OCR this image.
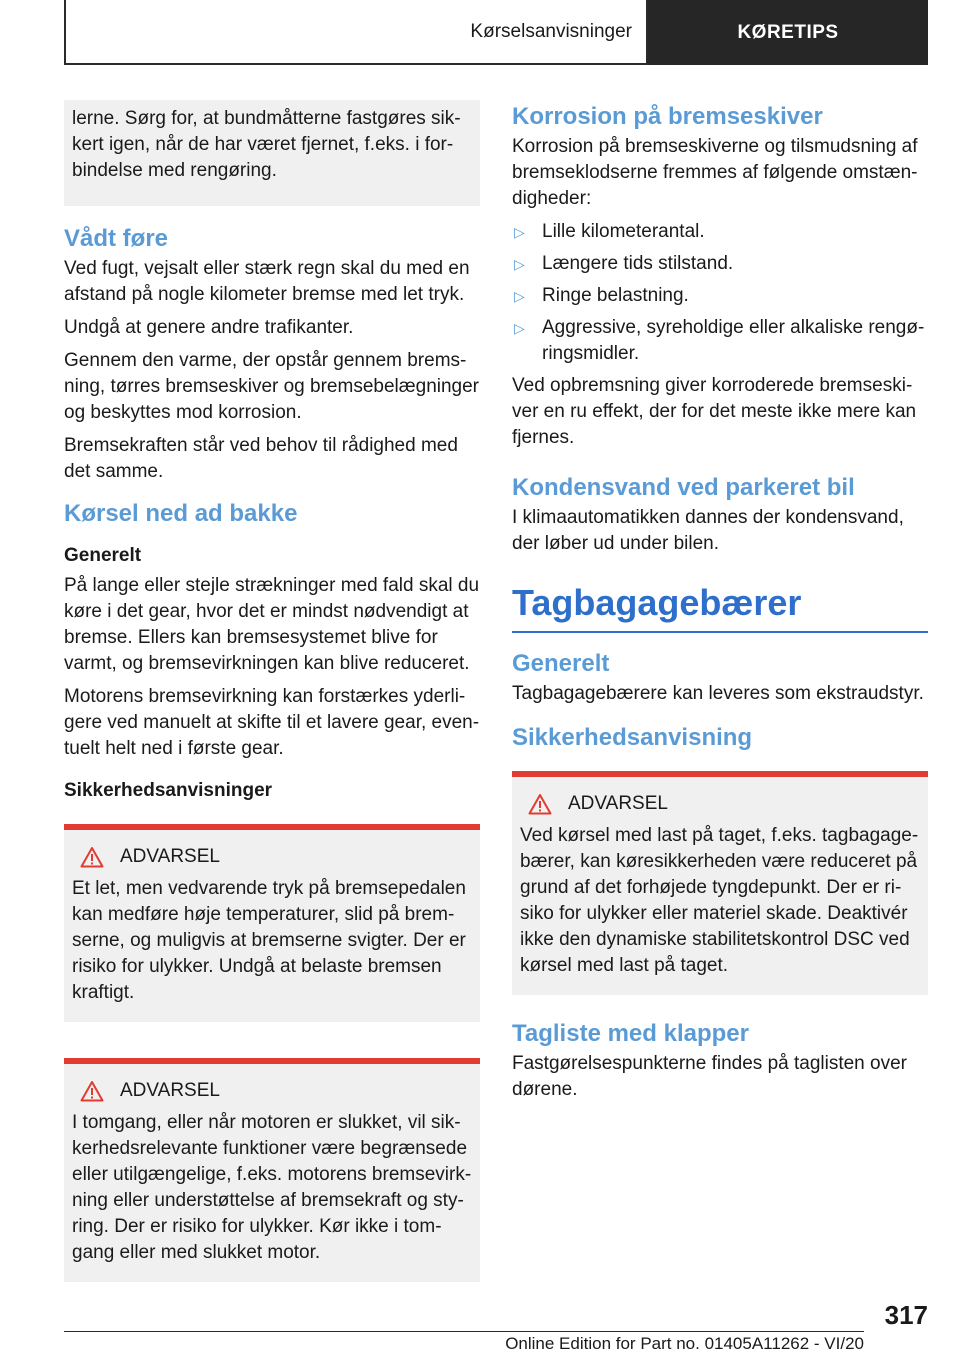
Kørselsanvisninger	KØRETIPS

lerne. Sørg for, at bundmåtterne fastgøres sikkert igen, når de har været fjernet, f.eks. i forbindelse med rengøring.

Vådt føre

Ved fugt, vejsalt eller stærk regn skal du med en afstand på nogle kilometer bremse med let tryk.

Undgå at genere andre trafikanter.

Gennem den varme, der opstår gennem bremsning, tørres bremseskiver og bremsebelægninger og beskyttes mod korrosion.

Bremsekraften står ved behov til rådighed med det samme.

Kørsel ned ad bakke
Generelt

På lange eller stejle strækninger med fald skal du køre i det gear, hvor det er mindst nødvendigt at bremse. Ellers kan bremsesystemet blive for varmt, og bremsevirkningen kan blive reduceret.

Motorens bremsevirkning kan forstærkes yderligere ved manuelt at skifte til et lavere gear, eventuelt helt ned i første gear.

Sikkerhedsanvisninger
ADVARSEL

Et let, men vedvarende tryk på bremsepedalen kan medføre høje temperaturer, slid på bremserne, og muligvis at bremserne svigter. Der er risiko for ulykker. Undgå at belaste bremsen kraftigt.

ADVARSEL

I tomgang, eller når motoren er slukket, vil sikkerhedsrelevante funktioner være begrænsede eller utilgængelige, f.eks. motorens bremsevirkning eller understøttelse af bremsekraft og styring. Der er risiko for ulykker. Kør ikke i tomgang eller med slukket motor.

Korrosion på bremseskiver

Korrosion på bremseskiverne og tilsmudsning af bremseklodserne fremmes af følgende omstændigheder:

▷ Lille kilometerantal.
▷ Længere tids stilstand.
▷ Ringe belastning.
▷ Aggressive, syreholdige eller alkaliske rengøringsmidler.

Ved opbremsning giver korroderede bremseskiver en ru effekt, der for det meste ikke mere kan fjernes.

Kondensvand ved parkeret bil

I klimaautomatikken dannes der kondensvand, der løber ud under bilen.

Tagbagagebærer
Generelt

Tagbagagebærere kan leveres som ekstraudstyr.

Sikkerhedsanvisning
ADVARSEL

Ved kørsel med last på taget, f.eks. tagbagagebærer, kan køresikkerheden være reduceret på grund af det forhøjede tyngdepunkt. Der er risiko for ulykker eller materiel skade. Deaktivér ikke den dynamiske stabilitetskontrol DSC ved kørsel med last på taget.

Tagliste med klapper

Fastgørelsespunkterne findes på taglisten over dørene.

317
Online Edition for Part no. 01405A11262 - VI/20
